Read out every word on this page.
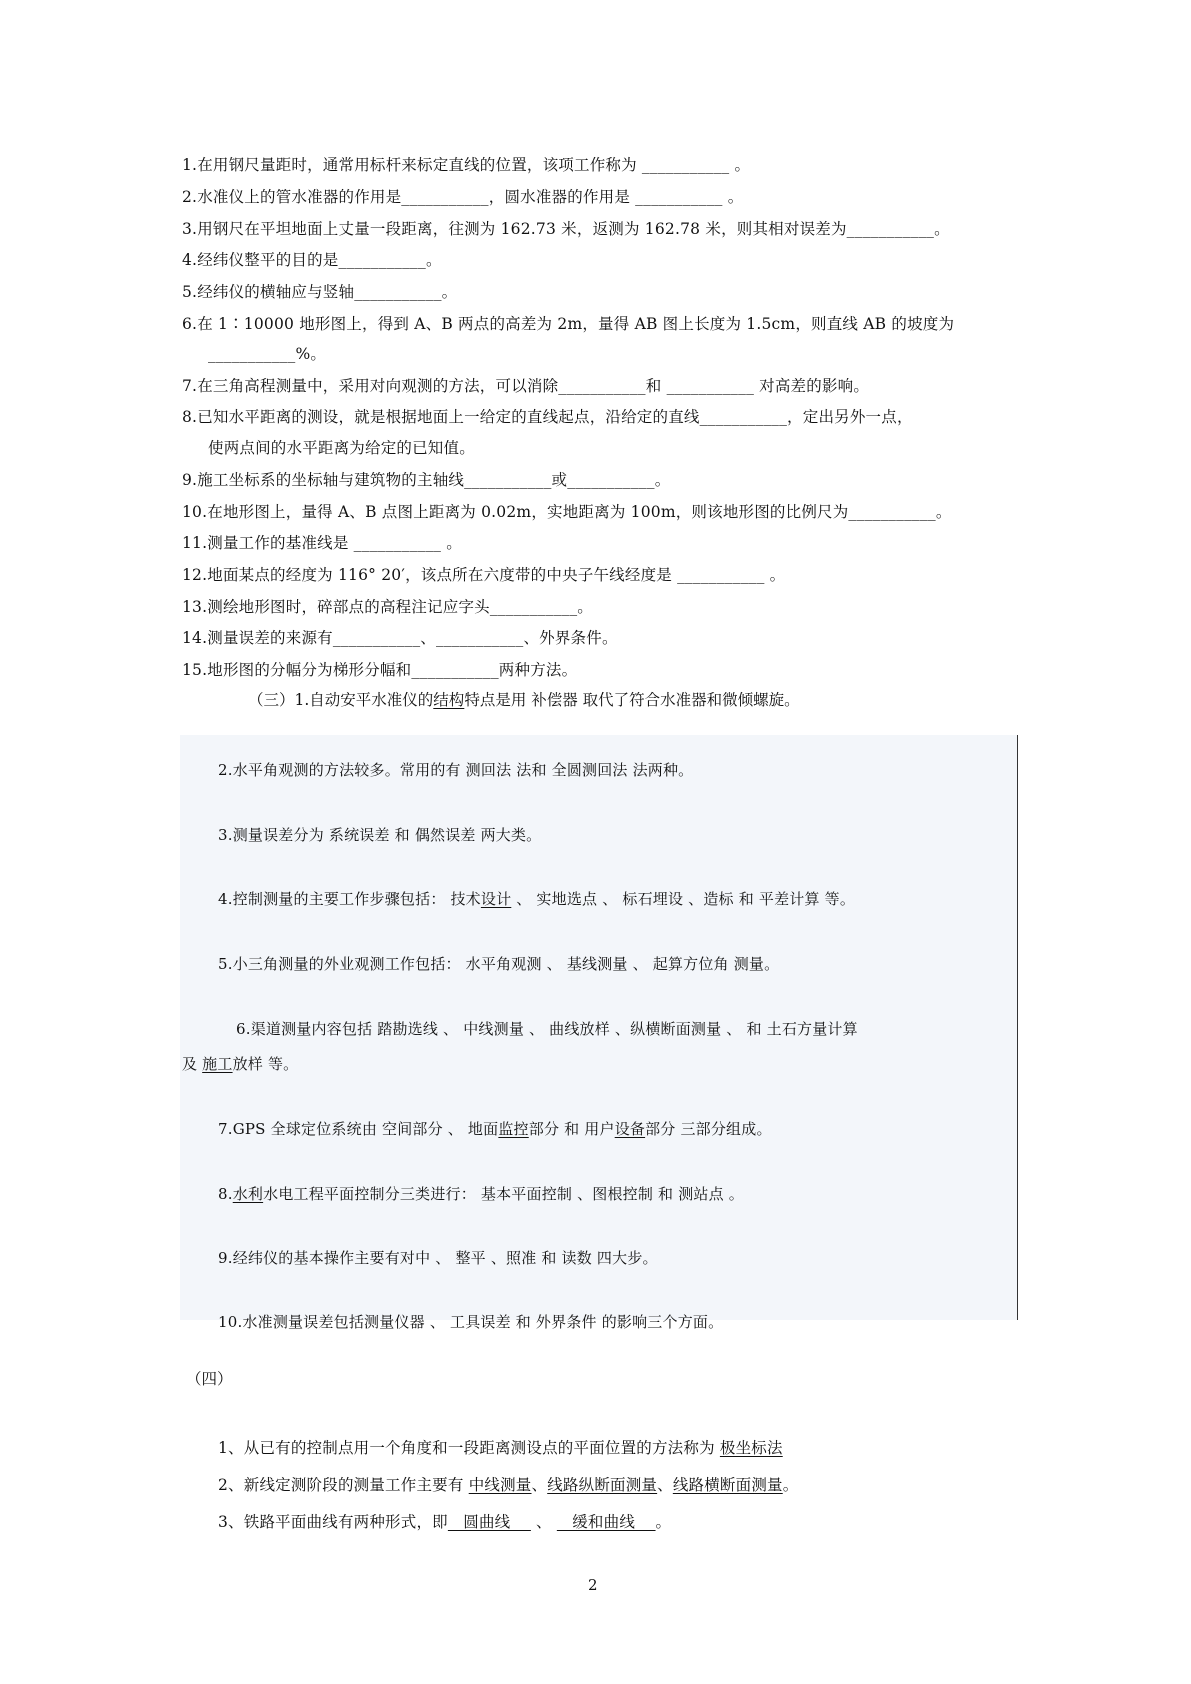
1.在用钢尺量距时，通常用标杆来标定直线的位置，该项工作称为 ___________ 。
2.水准仪上的管水准器的作用是___________，圆水准器的作用是 ___________ 。
3.用钢尺在平坦地面上丈量一段距离，往测为 162.73 米，返测为 162.78 米，则其相对误差为___________。
4.经纬仪整平的目的是___________。
5.经纬仪的横轴应与竖轴___________。
6.在 1∶10000 地形图上，得到 A、B 两点的高差为 2m，量得 AB 图上长度为 1.5cm，则直线 AB 的坡度为
___________%。
7.在三角高程测量中，采用对向观测的方法，可以消除___________和 ___________ 对高差的影响。
8.已知水平距离的测设，就是根据地面上一给定的直线起点，沿给定的直线___________，定出另外一点，
使两点间的水平距离为给定的已知值。
9.施工坐标系的坐标轴与建筑物的主轴线___________或___________。
10.在地形图上，量得 A、B 点图上距离为 0.02m，实地距离为 100m，则该地形图的比例尺为___________。
11.测量工作的基准线是 ___________ 。
12.地面某点的经度为 116° 20′，该点所在六度带的中央子午线经度是 ___________ 。
13.测绘地形图时，碎部点的高程注记应字头___________。
14.测量误差的来源有___________、___________、外界条件。
15.地形图的分幅分为梯形分幅和___________两种方法。
（三）1.自动安平水准仪的结构特点是用 补偿器 取代了符合水准器和微倾螺旋。
2.水平角观测的方法较多。常用的有 测回法 法和 全圆测回法 法两种。
3.测量误差分为 系统误差 和 偶然误差 两大类。
4.控制测量的主要工作步骤包括： 技术设计 、 实地选点 、 标石埋设 、造标 和 平差计算 等。
5.小三角测量的外业观测工作包括： 水平角观测 、 基线测量 、 起算方位角 测量。
6.渠道测量内容包括 踏勘选线 、 中线测量 、 曲线放样 、纵横断面测量 、 和 土石方量计算
及 施工放样 等。
7.GPS 全球定位系统由 空间部分 、 地面监控部分 和 用户设备部分 三部分组成。
8.水利水电工程平面控制分三类进行： 基本平面控制 、图根控制 和 测站点 。
9.经纬仪的基本操作主要有对中 、 整平 、照准 和 读数 四大步。
10.水准测量误差包括测量仪器 、 工具误差 和 外界条件 的影响三个方面。
（四）
1、从已有的控制点用一个角度和一段距离测设点的平面位置的方法称为 极坐标法
2、新线定测阶段的测量工作主要有 中线测量、线路纵断面测量、线路横断面测量。
3、铁路平面曲线有两种形式，即   圆曲线     、    缓和曲线    。
2
